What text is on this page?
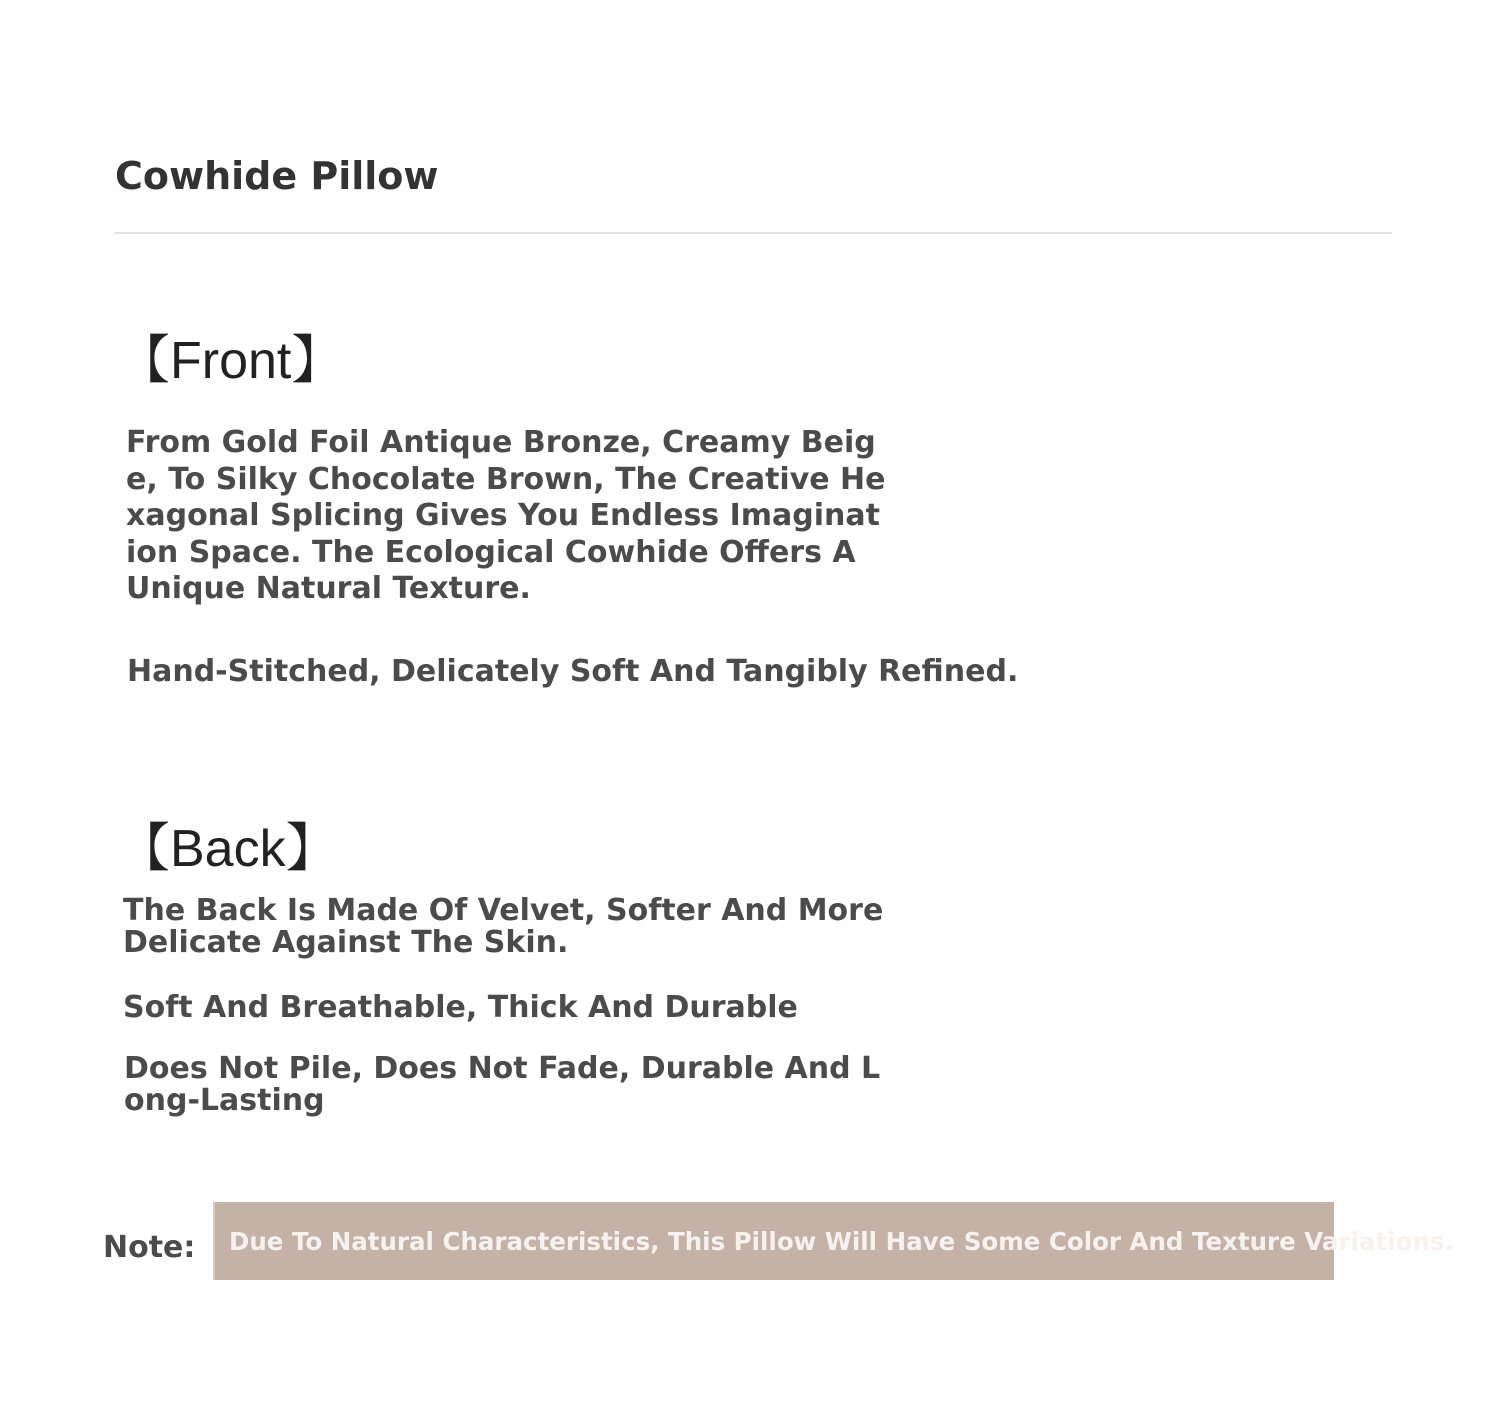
Cowhide Pillow
【Front】
From Gold Foil Antique Bronze, Creamy Beige, To Silky Chocolate Brown, The Creative Hexagonal Splicing Gives You Endless Imagination Space. The Ecological Cowhide Offers A Unique Natural Texture.
Hand-Stitched, Delicately Soft And Tangibly Refined.
【Back】
The Back Is Made Of Velvet, Softer And More Delicate Against The Skin.
Soft And Breathable, Thick And Durable
Does Not Pile, Does Not Fade, Durable And Long-Lasting
Note: Due To Natural Characteristics, This Pillow Will Have Some Color And Texture Variations.
